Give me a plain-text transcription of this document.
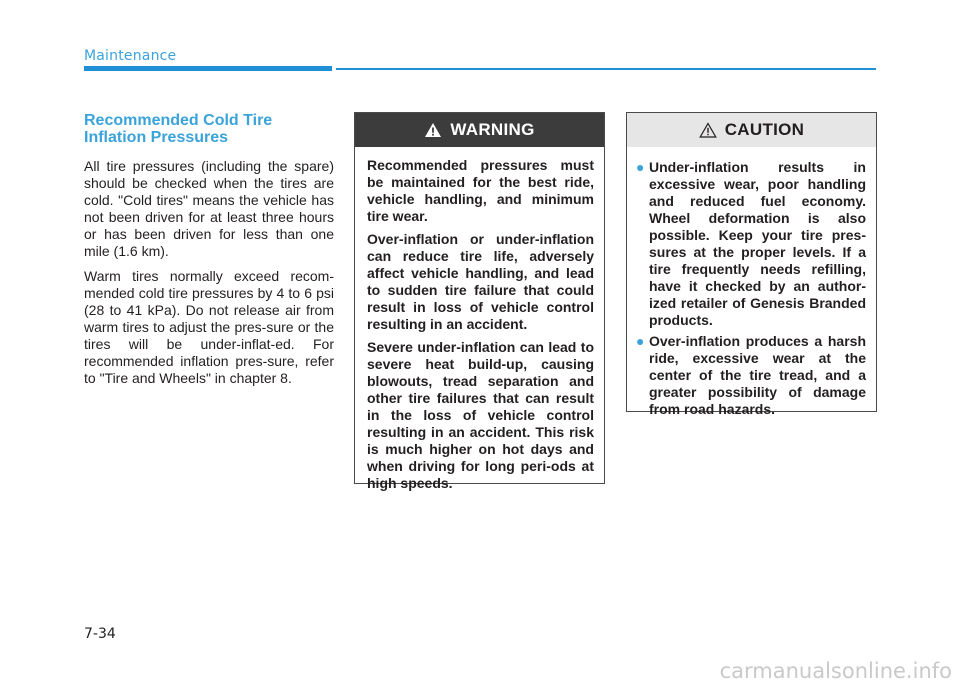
Maintenance
Recommended Cold Tire Inflation Pressures

All tire pressures (including the spare) should be checked when the tires are cold. "Cold tires" means the vehicle has not been driven for at least three hours or has been driven for less than one mile (1.6 km).

Warm tires normally exceed recom-mended cold tire pressures by 4 to 6 psi (28 to 41 kPa). Do not release air from warm tires to adjust the pres-sure or the tires will be under-inflat-ed. For recommended inflation pres-sure, refer to "Tire and Wheels" in chapter 8.

WARNING

Recommended pressures must be maintained for the best ride, vehicle handling, and minimum tire wear.

Over-inflation or under-inflation can reduce tire life, adversely affect vehicle handling, and lead to sudden tire failure that could result in loss of vehicle control resulting in an accident.

Severe under-inflation can lead to severe heat build-up, causing blowouts, tread separation and other tire failures that can result in the loss of vehicle control resulting in an accident. This risk is much higher on hot days and when driving for long peri-ods at high speeds.

CAUTION
● Under-inflation results in excessive wear, poor handling and reduced fuel economy. Wheel deformation is also possible. Keep your tire pres-sures at the proper levels. If a tire frequently needs refilling, have it checked by an author-ized retailer of Genesis Branded products.
● Over-inflation produces a harsh ride, excessive wear at the center of the tire tread, and a greater possibility of damage from road hazards.
7-34
carmanualsonline.info
